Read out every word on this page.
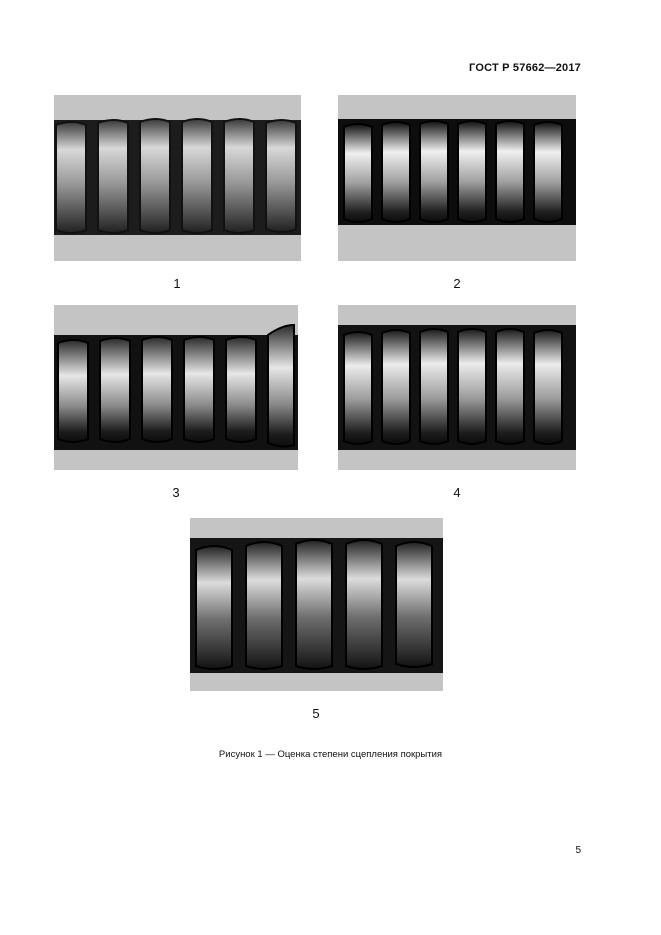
ГОСТ Р 57662—2017
1	2
3	4
5
Рисунок 1 — Оценка степени сцепления покрытия
5
